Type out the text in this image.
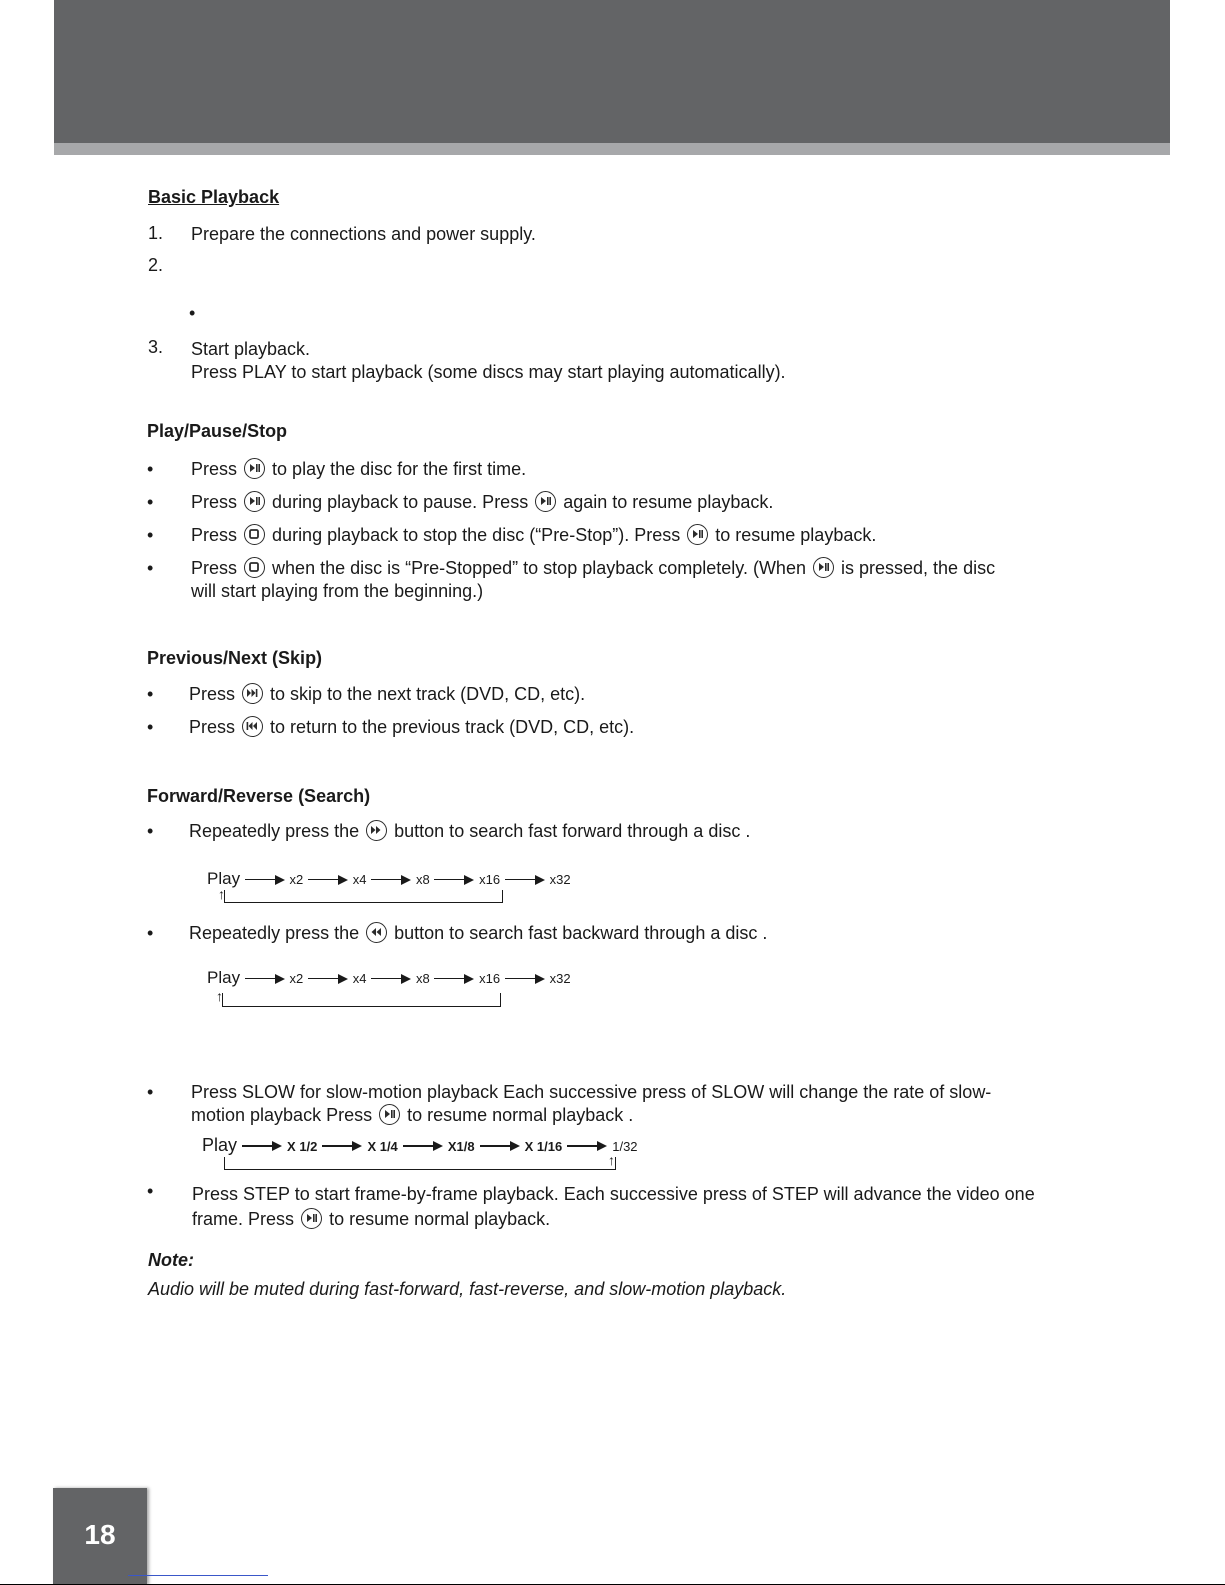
Basic Playback
1. Prepare the connections and power supply.
2.
•
3. Start playback.
Press PLAY to start playback (some discs may start playing automatically).
Play/Pause/Stop
• Press to play the disc for the first time.
• Press during playback to pause. Press again to resume playback.
• Press during playback to stop the disc (“Pre-Stop”). Press to resume playback.
• Press when the disc is “Pre-Stopped” to stop playback completely. (When is pressed, the disc
will start playing from the beginning.)
Previous/Next (Skip)
• Press to skip to the next track (DVD, CD, etc).
• Press to return to the previous track (DVD, CD, etc).
Forward/Reverse (Search)
• Repeatedly press the button to search fast forward through a disc .
Play	x2	x4	x8	x16	x32
↑
• Repeatedly press the button to search fast backward through a disc .
Play	x2	x4	x8	x16	x32
↑
• Press SLOW for slow-motion playback Each successive press of SLOW will change the rate of slow-
motion playback Press to resume normal playback .
Play	X 1/2	X 1/4	X1/8	X 1/16	1/32
↑
• Press STEP to start frame-by-frame playback. Each successive press of STEP will advance the video one
frame. Press to resume normal playback.
Note:
Audio will be muted during fast-forward, fast-reverse, and slow-motion playback.
18
